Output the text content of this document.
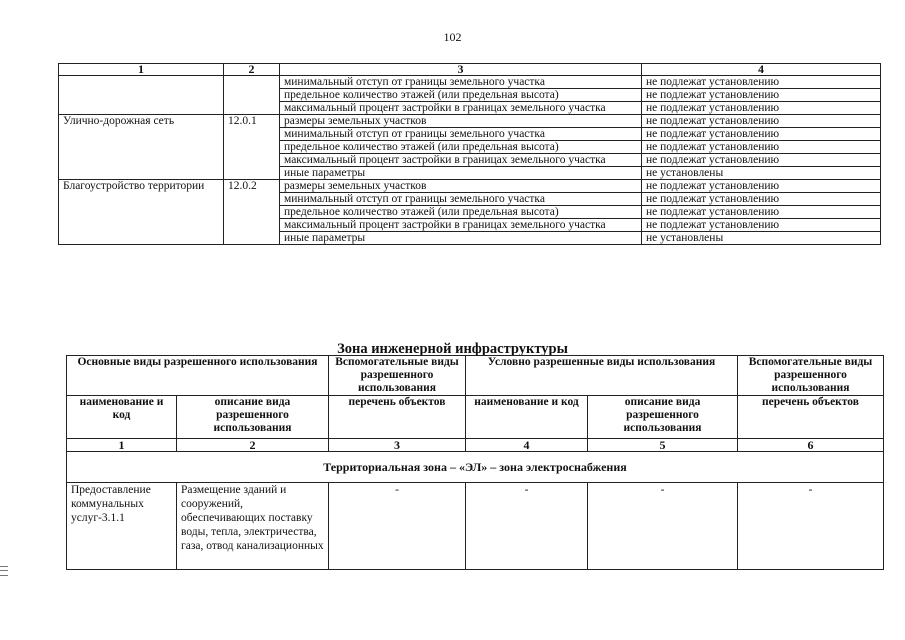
102
1	2	3	4
		минимальный отступ от границы земельного участка	не подлежат установлению
		предельное количество этажей (или предельная высота)	не подлежат установлению
		максимальный процент застройки в границах земельного участка	не подлежат установлению
Улично-дорожная сеть	12.0.1	размеры земельных участков	не подлежат установлению
		минимальный отступ от границы земельного участка	не подлежат установлению
		предельное количество этажей (или предельная высота)	не подлежат установлению
		максимальный процент застройки в границах земельного участка	не подлежат установлению
		иные параметры	не установлены
Благоустройство территории	12.0.2	размеры земельных участков	не подлежат установлению
		минимальный отступ от границы земельного участка	не подлежат установлению
		предельное количество этажей (или предельная высота)	не подлежат установлению
		максимальный процент застройки в границах земельного участка	не подлежат установлению
		иные параметры	не установлены
Зона инженерной инфраструктуры
Основные виды разрешенного использования		Вспомогательные виды разрешенного использования	Условно разрешенные виды использования		Вспомогательные виды разрешенного использования
наименование и код	описание вида разрешенного использования	перечень объектов	наименование и код	описание вида разрешенного использования	перечень объектов
1	2	3	4	5	6
Территориальная зона – «ЭЛ» – зона электроснабжения					
Предоставление коммунальных услуг-3.1.1	Размещение зданий и сооружений, обеспечивающих поставку воды, тепла, электричества, газа, отвод канализационных	-	-	-	-
